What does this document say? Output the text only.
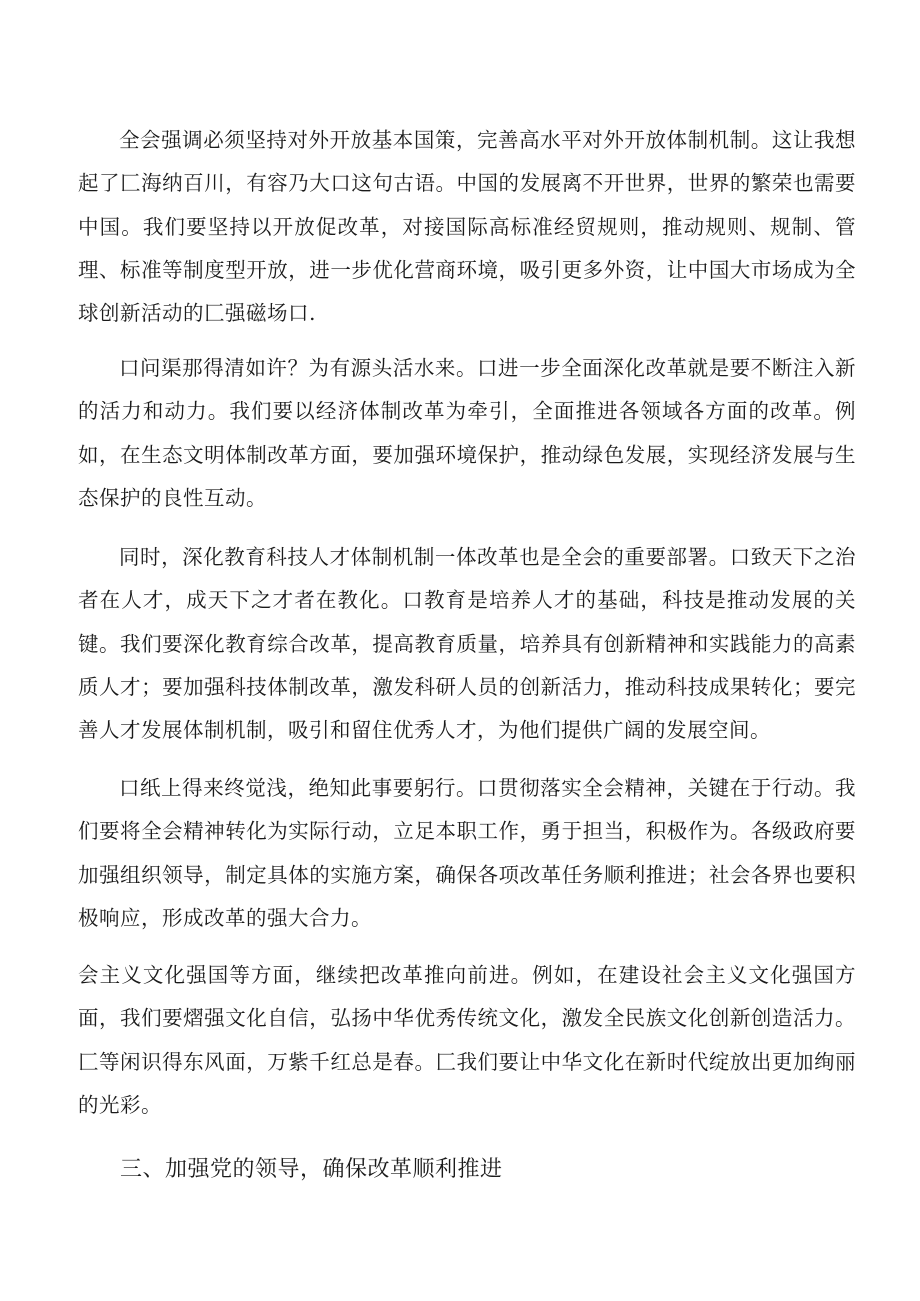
全会强调必须坚持对外开放基本国策，完善高水平对外开放体制机制。这让我想起了匚海纳百川，有容乃大口这句古语。中国的发展离不开世界，世界的繁荣也需要中国。我们要坚持以开放促改革，对接国际高标准经贸规则，推动规则、规制、管理、标准等制度型开放，进一步优化营商环境，吸引更多外资，让中国大市场成为全球创新活动的匚强磁场口.

口问渠那得清如许？为有源头活水来。口进一步全面深化改革就是要不断注入新的活力和动力。我们要以经济体制改革为牵引，全面推进各领域各方面的改革。例如，在生态文明体制改革方面，要加强环境保护，推动绿色发展，实现经济发展与生态保护的良性互动。

同时，深化教育科技人才体制机制一体改革也是全会的重要部署。口致天下之治者在人才，成天下之才者在教化。口教育是培养人才的基础，科技是推动发展的关键。我们要深化教育综合改革，提高教育质量，培养具有创新精神和实践能力的高素质人才；要加强科技体制改革，激发科研人员的创新活力，推动科技成果转化；要完善人才发展体制机制，吸引和留住优秀人才，为他们提供广阔的发展空间。

口纸上得来终觉浅，绝知此事要躬行。口贯彻落实全会精神，关键在于行动。我们要将全会精神转化为实际行动，立足本职工作，勇于担当，积极作为。各级政府要加强组织领导，制定具体的实施方案，确保各项改革任务顺利推进；社会各界也要积极响应，形成改革的强大合力。

会主义文化强国等方面，继续把改革推向前进。例如，在建设社会主义文化强国方面，我们要熠强文化自信，弘扬中华优秀传统文化，激发全民族文化创新创造活力。匚等闲识得东风面，万紫千红总是春。匚我们要让中华文化在新时代绽放出更加绚丽的光彩。

三、加强党的领导，确保改革顺利推进
